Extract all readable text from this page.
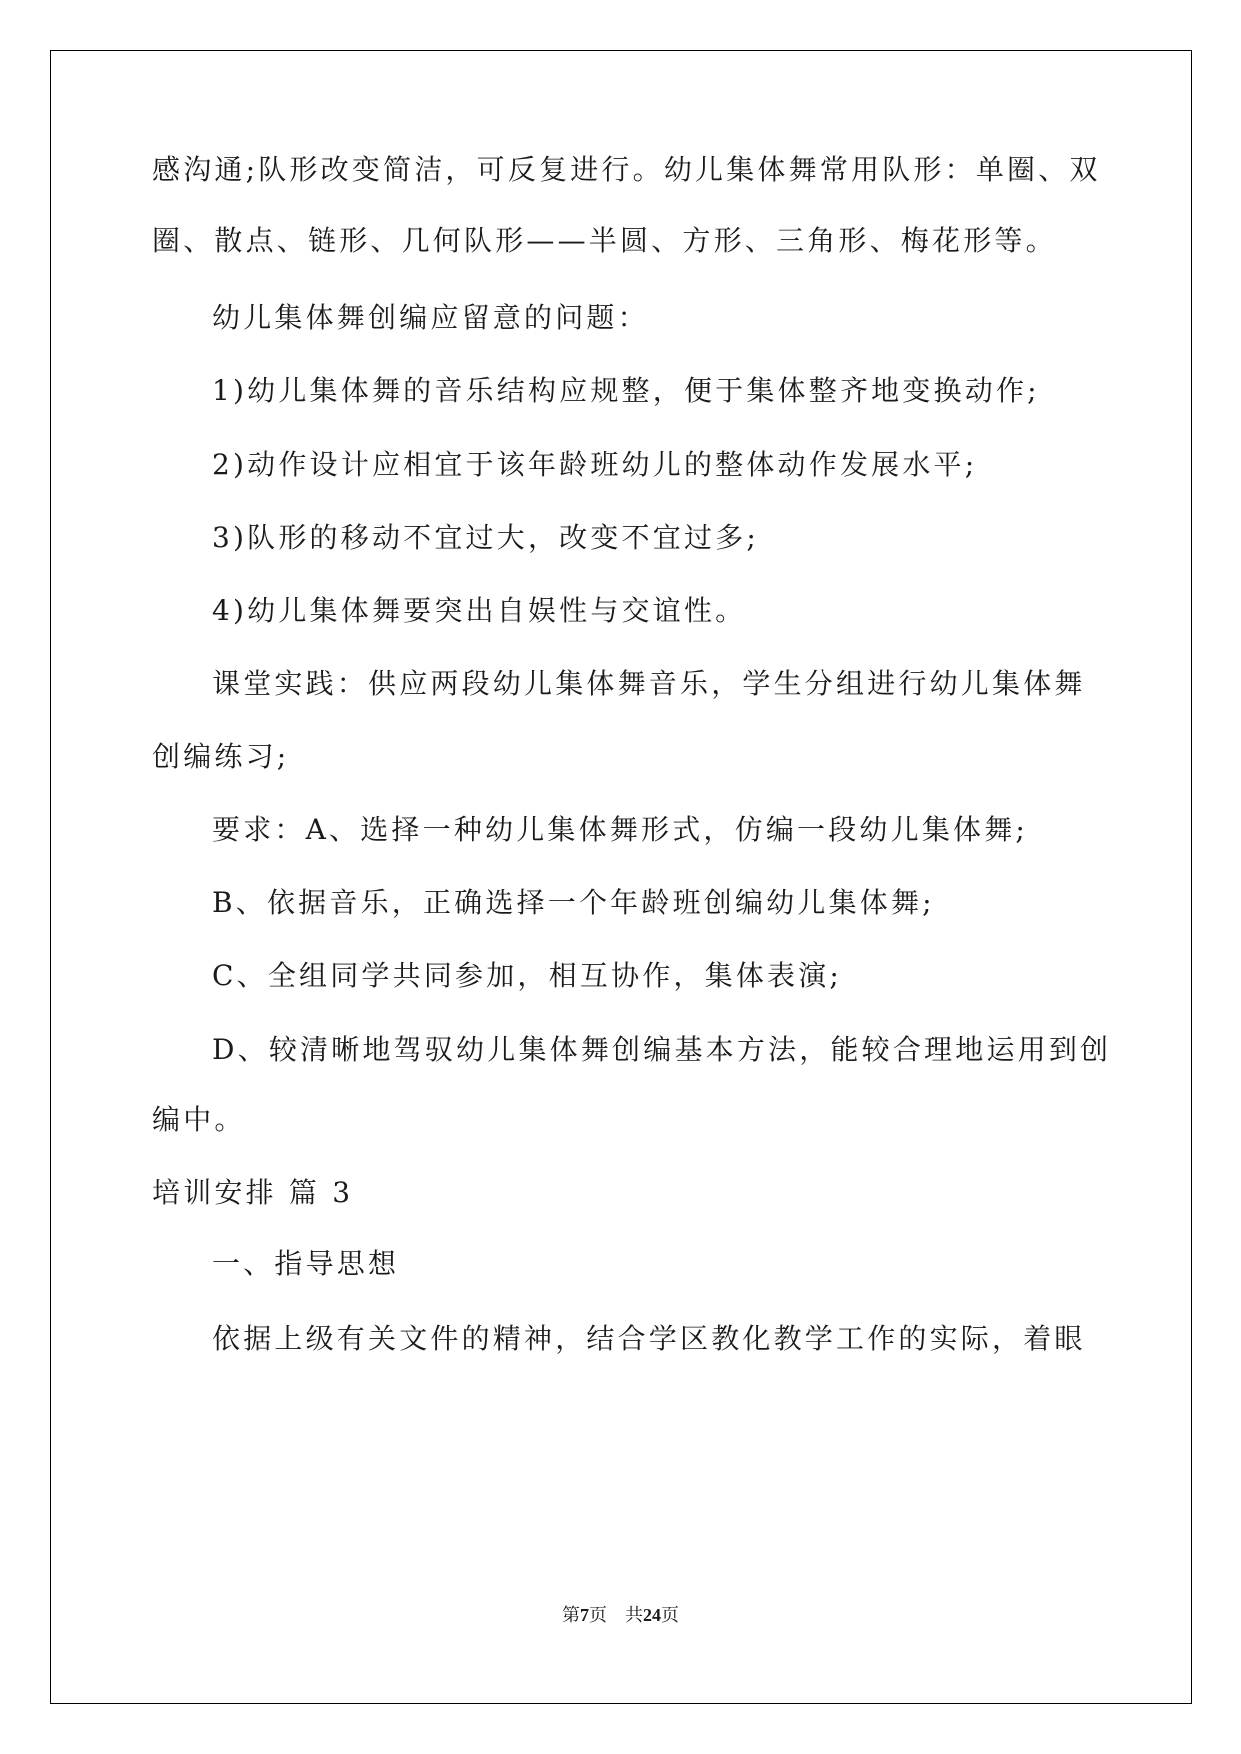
感沟通;队形改变简洁，可反复进行。幼儿集体舞常用队形：单圈、双
圈、散点、链形、几何队形——半圆、方形、三角形、梅花形等。
幼儿集体舞创编应留意的问题：
1)幼儿集体舞的音乐结构应规整，便于集体整齐地变换动作;
2)动作设计应相宜于该年龄班幼儿的整体动作发展水平;
3)队形的移动不宜过大，改变不宜过多;
4)幼儿集体舞要突出自娱性与交谊性。
课堂实践：供应两段幼儿集体舞音乐，学生分组进行幼儿集体舞
创编练习;
要求：A、选择一种幼儿集体舞形式，仿编一段幼儿集体舞;
B、依据音乐，正确选择一个年龄班创编幼儿集体舞;
C、全组同学共同参加，相互协作，集体表演;
D、较清晰地驾驭幼儿集体舞创编基本方法，能较合理地运用到创
编中。
培训安排 篇 3
一、指导思想
依据上级有关文件的精神，结合学区教化教学工作的实际，着眼
第7页　共24页
